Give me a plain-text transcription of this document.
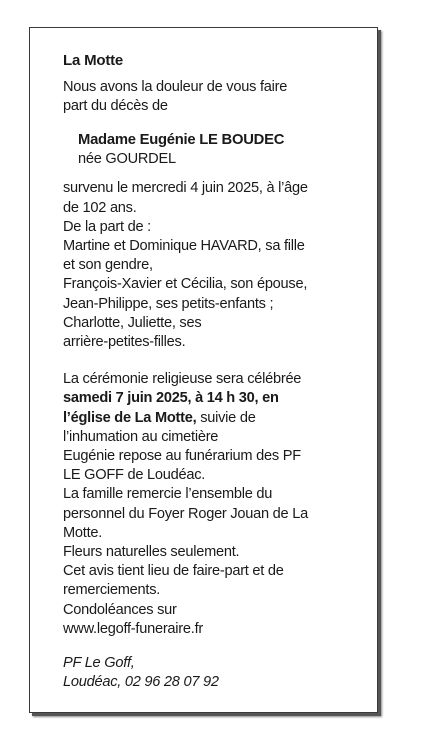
La Motte

Nous avons la douleur de vous faire

part du décès de

Madame Eugénie LE BOUDEC
née GOURDEL

survenu le mercredi 4 juin 2025, à l’âge

de 102 ans.

De la part de :

Martine et Dominique HAVARD, sa fille

et son gendre,

François-Xavier et Cécilia, son épouse,

Jean-Philippe, ses petits-enfants ;

Charlotte, Juliette, ses

arrière-petites-filles.

La cérémonie religieuse sera célébrée

samedi 7 juin 2025, à 14 h 30, en

l’église de La Motte, suivie de

l’inhumation au cimetière

Eugénie repose au funérarium des PF

LE GOFF de Loudéac.

La famille remercie l’ensemble du

personnel du Foyer Roger Jouan de La

Motte.

Fleurs naturelles seulement.

Cet avis tient lieu de faire-part et de

remerciements.

Condoléances sur

www.legoff-funeraire.fr

PF Le Goff,

Loudéac, 02 96 28 07 92
